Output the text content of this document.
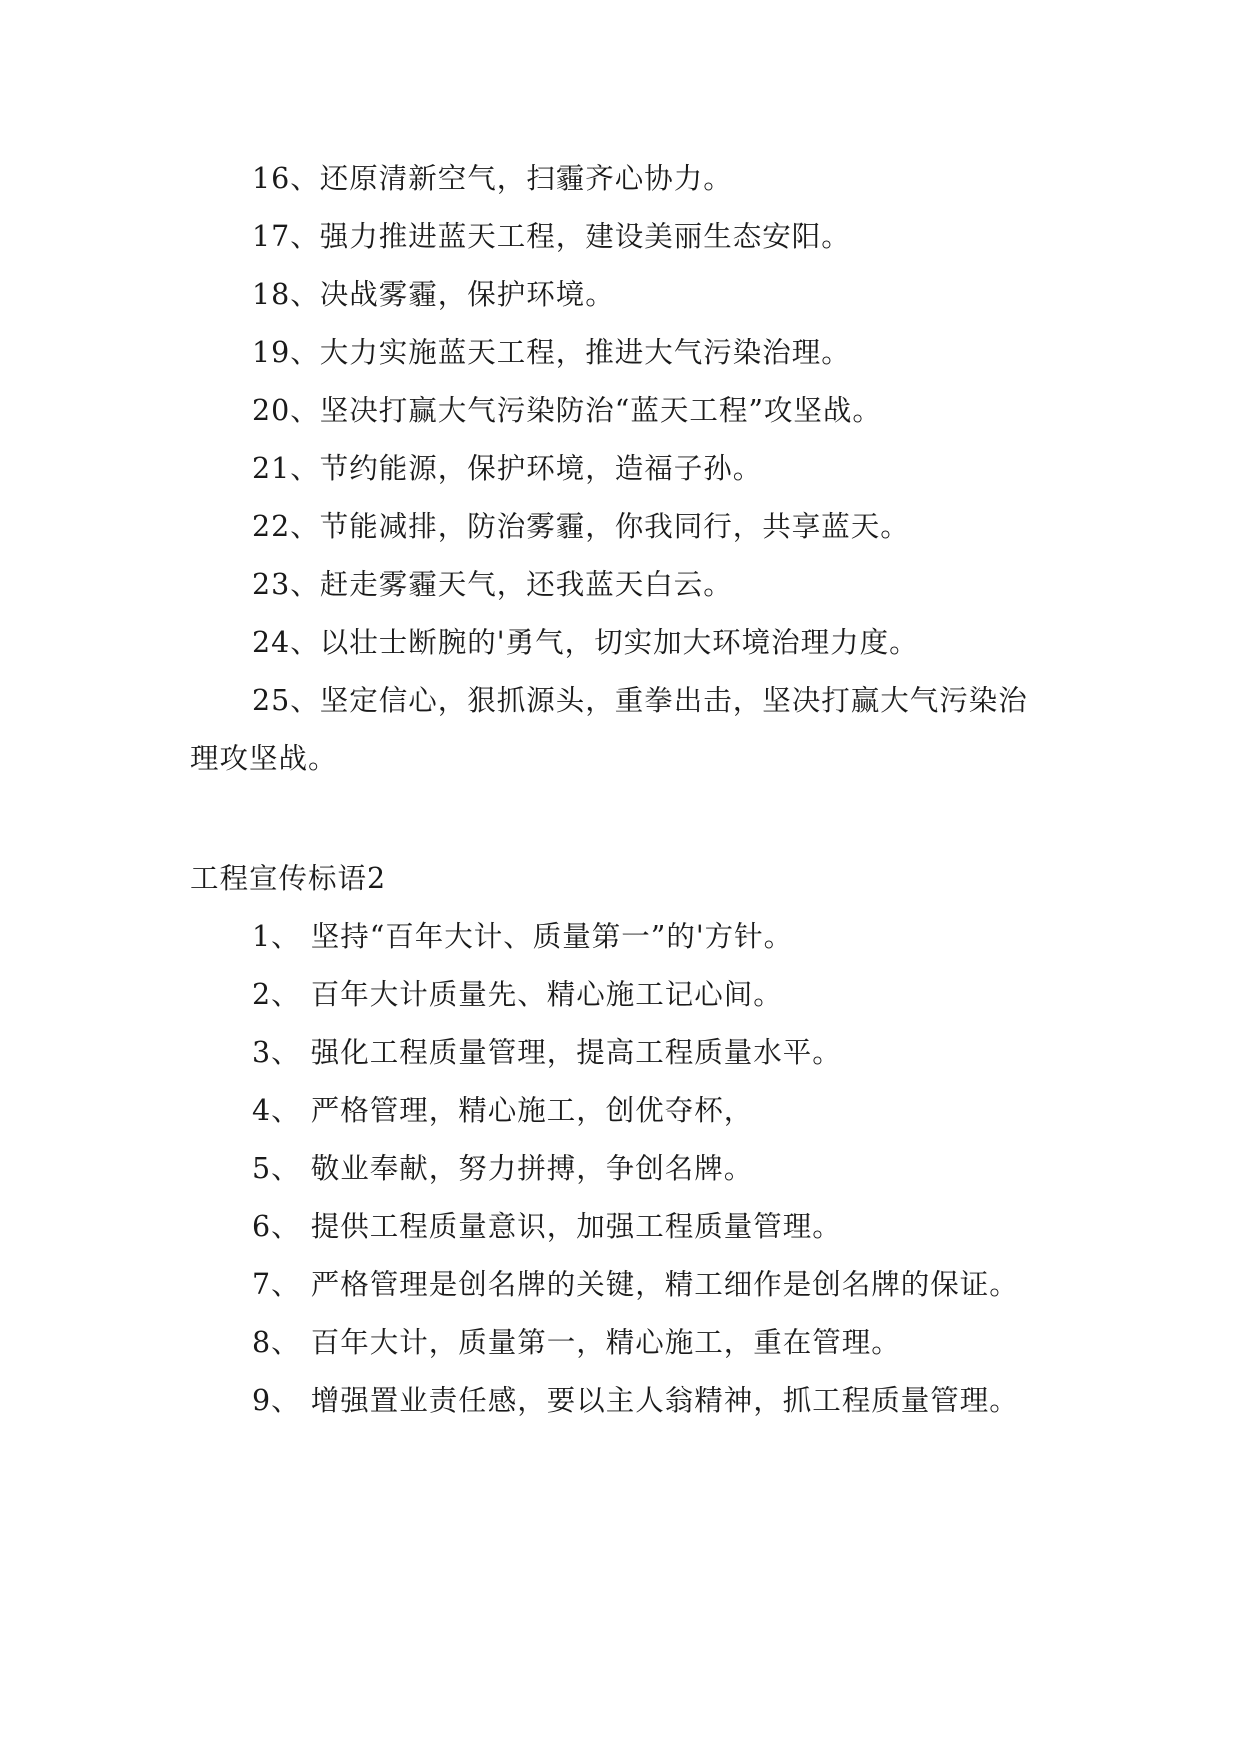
16、还原清新空气，扫霾齐心协力。

17、强力推进蓝天工程，建设美丽生态安阳。

18、决战雾霾，保护环境。

19、大力实施蓝天工程，推进大气污染治理。

20、坚决打赢大气污染防治“蓝天工程”攻坚战。

21、节约能源，保护环境，造福子孙。

22、节能减排，防治雾霾，你我同行，共享蓝天。

23、赶走雾霾天气，还我蓝天白云。

24、以壮士断腕的'勇气，切实加大环境治理力度。

25、坚定信心，狠抓源头，重拳出击，坚决打赢大气污染治理攻坚战。

工程宣传标语2

1、 坚持“百年大计、质量第一”的'方针。

2、 百年大计质量先、精心施工记心间。

3、 强化工程质量管理，提高工程质量水平。

4、 严格管理，精心施工，创优夺杯，

5、 敬业奉献，努力拼搏，争创名牌。

6、 提供工程质量意识，加强工程质量管理。

7、 严格管理是创名牌的关键，精工细作是创名牌的保证。

8、 百年大计，质量第一，精心施工，重在管理。

9、 增强置业责任感，要以主人翁精神，抓工程质量管理。
